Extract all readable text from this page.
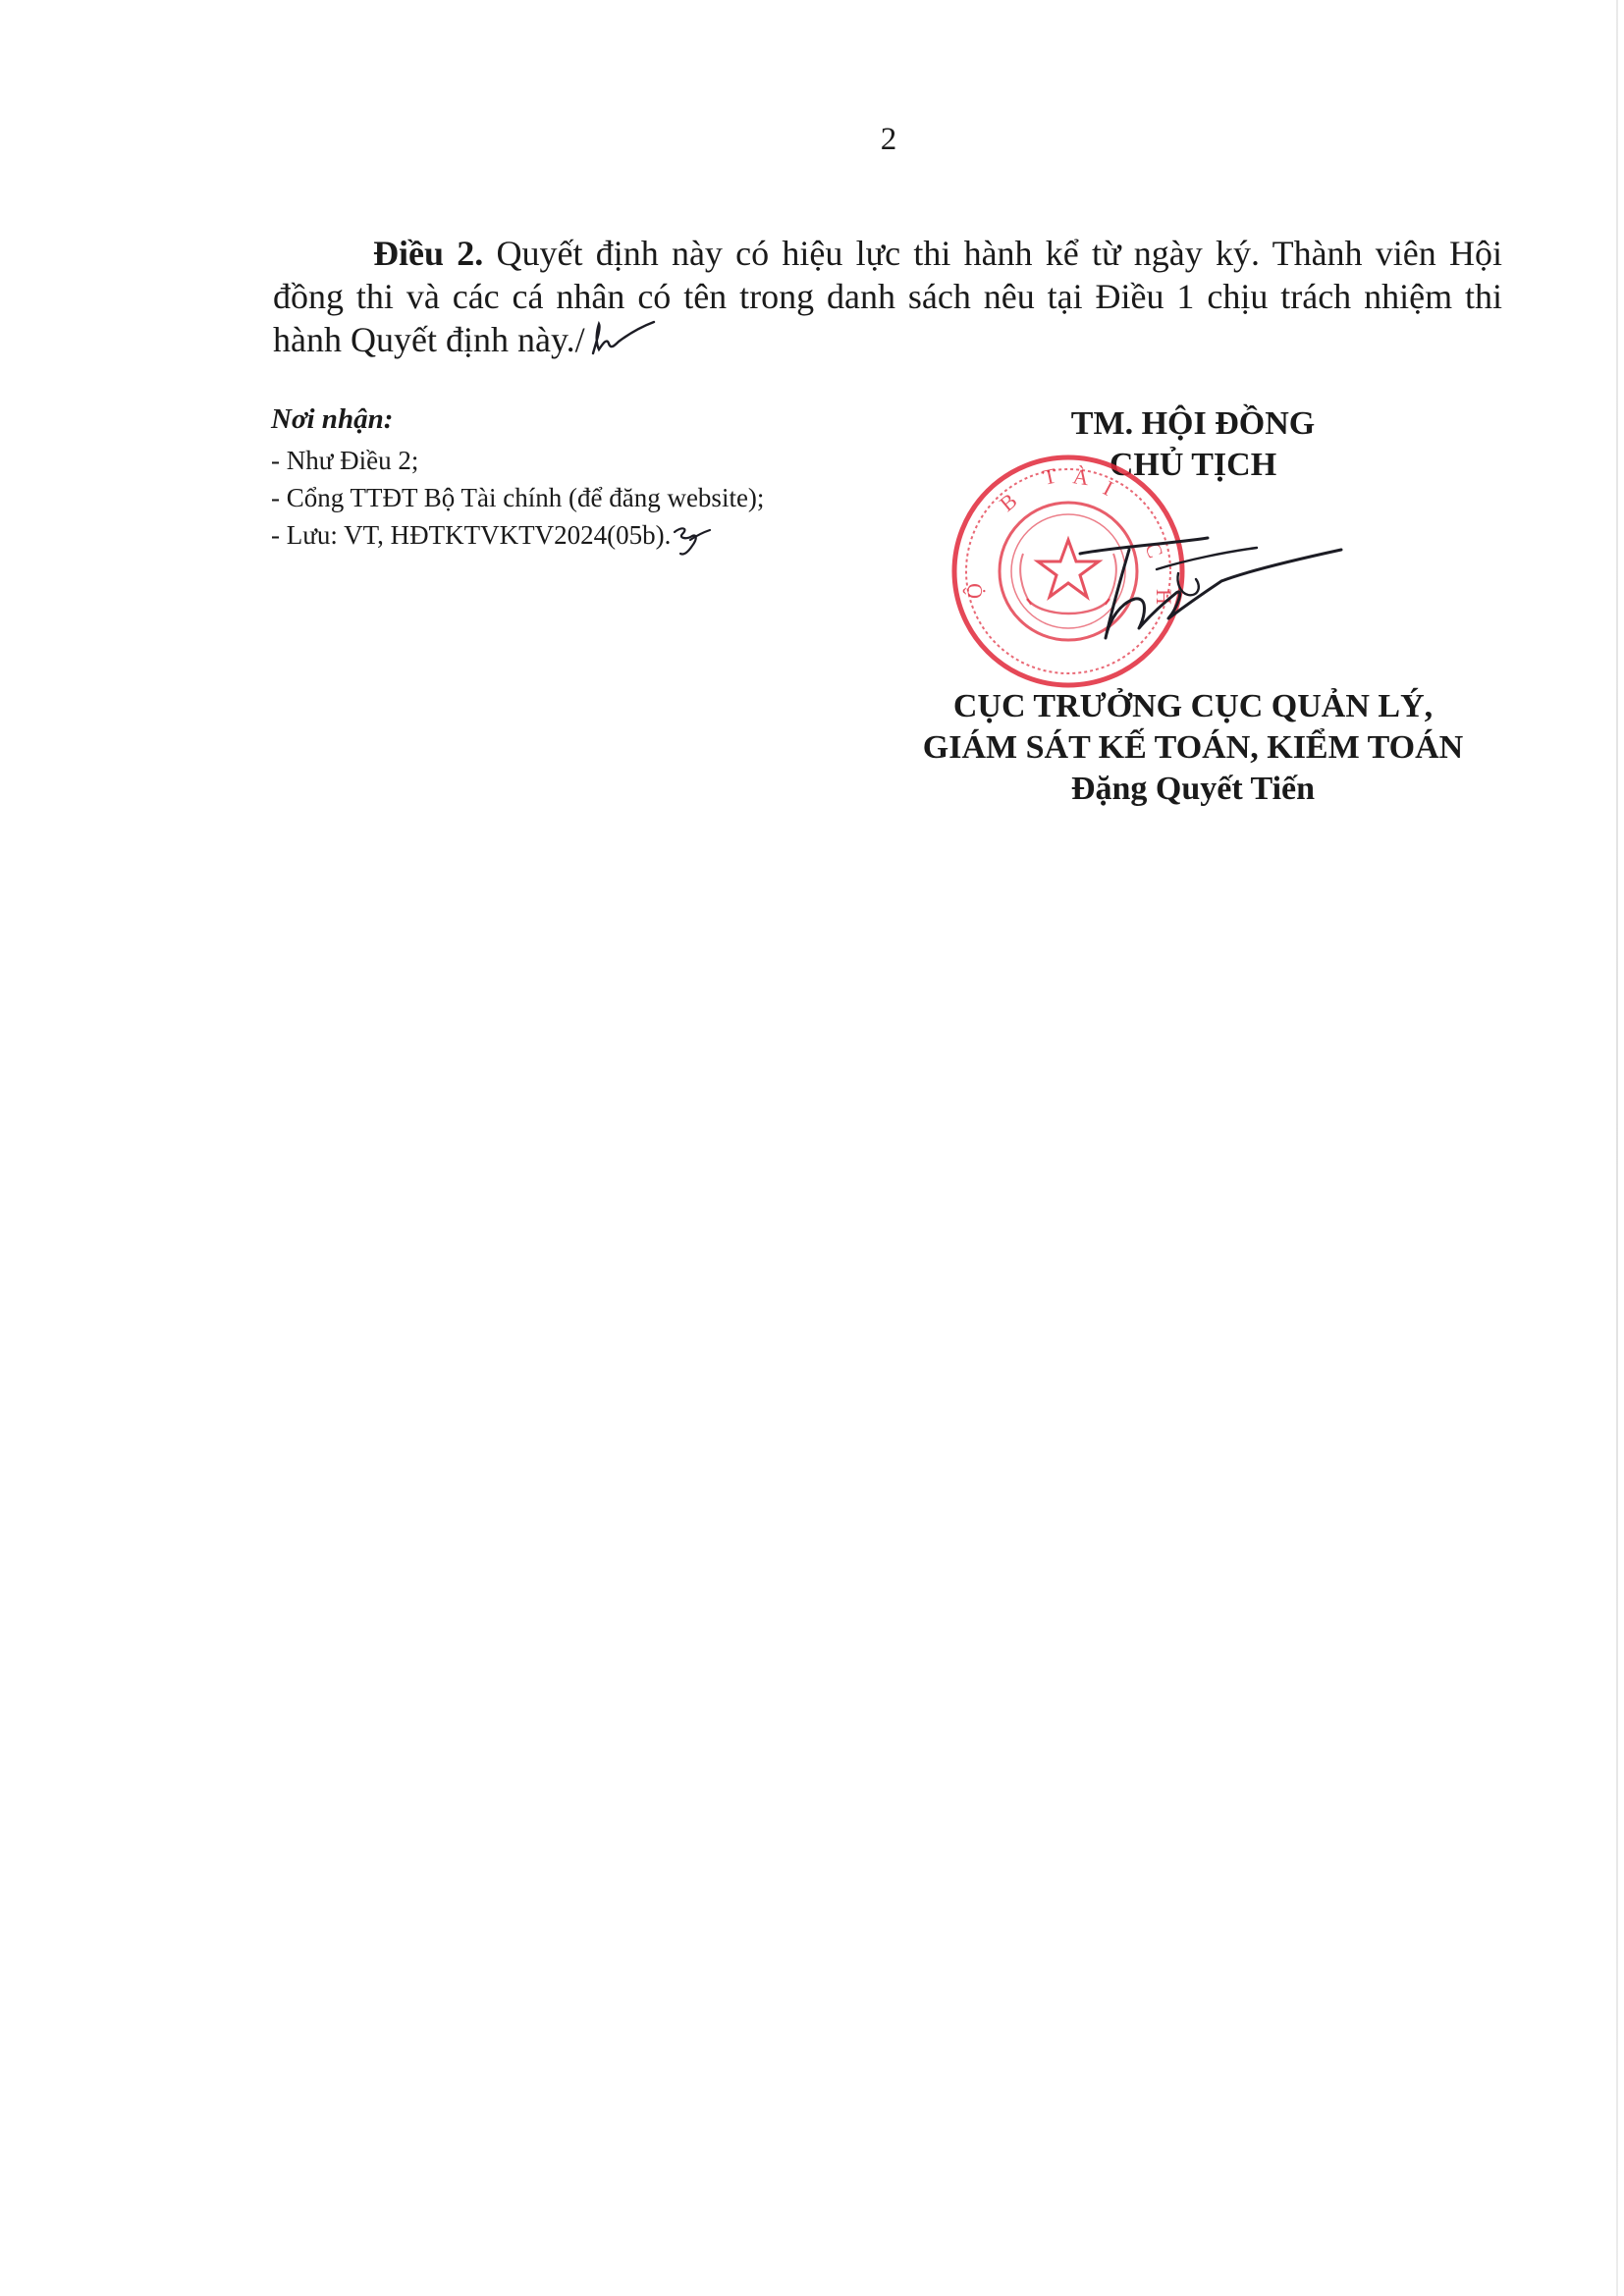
2

Điều 2. Quyết định này có hiệu lực thi hành kể từ ngày ký. Thành viên Hội đồng thi và các cá nhân có tên trong danh sách nêu tại Điều 1 chịu trách nhiệm thi hành Quyết định này./

Nơi nhận:
- Như Điều 2;
- Cổng TTĐT Bộ Tài chính (để đăng website);
- Lưu: VT, HĐTKTVKTV2024(05b).
TM. HỘI ĐỒNG
CHỦ TỊCH
B
T À I
C
H
Ộ
CỤC TRƯỞNG CỤC QUẢN LÝ,
GIÁM SÁT KẾ TOÁN, KIỂM TOÁN
Đặng Quyết Tiến
